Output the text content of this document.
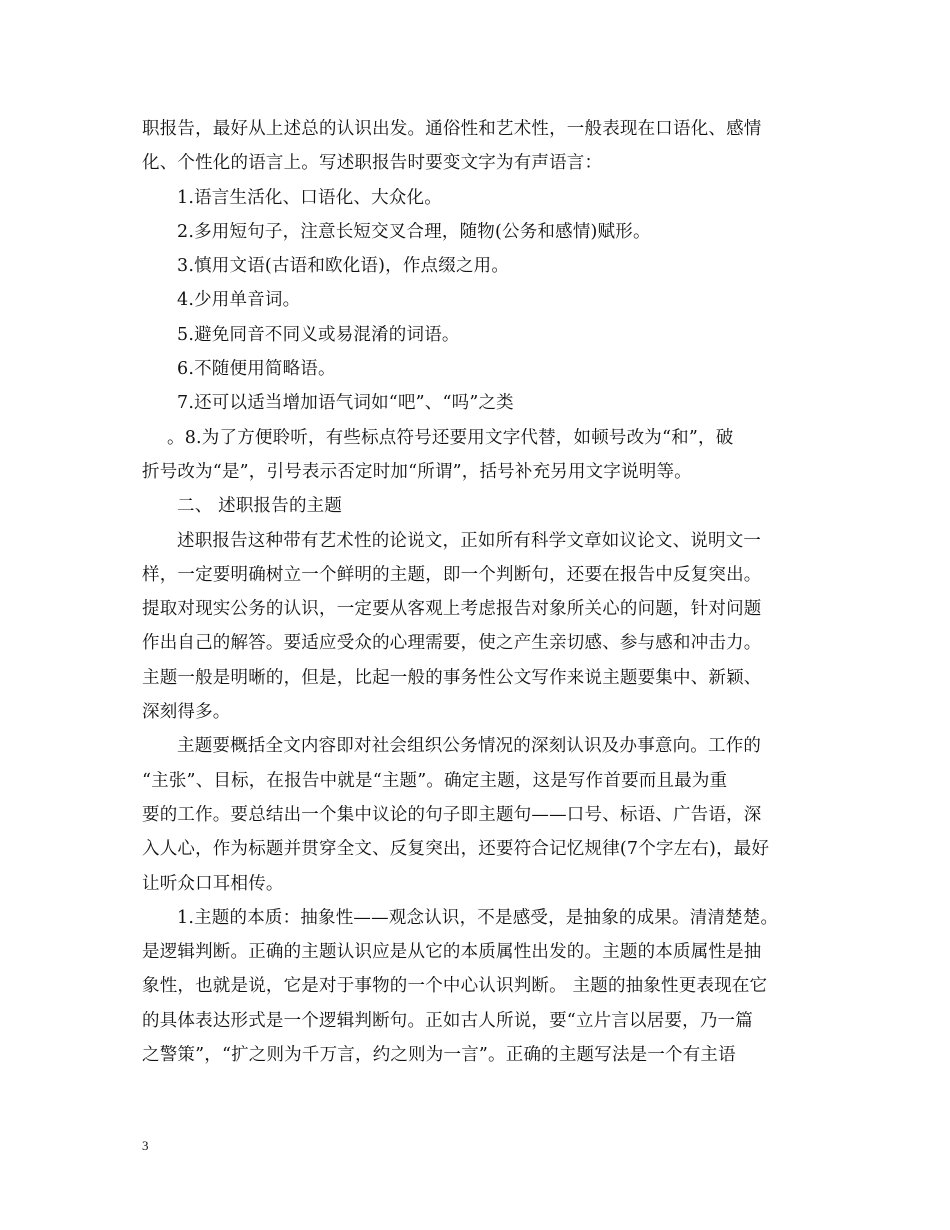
职报告，最好从上述总的认识出发。通俗性和艺术性，一般表现在口语化、感情
化、个性化的语言上。写述职报告时要变文字为有声语言：
1.语言生活化、口语化、大众化。
2.多用短句子，注意长短交叉合理，随物(公务和感情)赋形。
3.慎用文语(古语和欧化语)，作点缀之用。
4.少用单音词。
5.避免同音不同义或易混淆的词语。
6.不随便用简略语。
7.还可以适当增加语气词如“吧”、“吗”之类
。8.为了方便聆听，有些标点符号还要用文字代替，如顿号改为“和”，破
折号改为“是”，引号表示否定时加“所谓”，括号补充另用文字说明等。
二、 述职报告的主题
述职报告这种带有艺术性的论说文，正如所有科学文章如议论文、说明文一
样，一定要明确树立一个鲜明的主题，即一个判断句，还要在报告中反复突出。
提取对现实公务的认识，一定要从客观上考虑报告对象所关心的问题，针对问题
作出自己的解答。要适应受众的心理需要，使之产生亲切感、参与感和冲击力。
主题一般是明晰的，但是，比起一般的事务性公文写作来说主题要集中、新颖、
深刻得多。
主题要概括全文内容即对社会组织公务情况的深刻认识及办事意向。工作的
“主张”、目标，在报告中就是“主题”。确定主题，这是写作首要而且最为重
要的工作。要总结出一个集中议论的句子即主题句——口号、标语、广告语，深
入人心，作为标题并贯穿全文、反复突出，还要符合记忆规律(7个字左右)，最好
让听众口耳相传。
1.主题的本质：抽象性——观念认识，不是感受，是抽象的成果。清清楚楚。
是逻辑判断。正确的主题认识应是从它的本质属性出发的。主题的本质属性是抽
象性，也就是说，它是对于事物的一个中心认识判断。 主题的抽象性更表现在它
的具体表达形式是一个逻辑判断句。正如古人所说，要“立片言以居要，乃一篇
之警策”，“扩之则为千万言，约之则为一言”。正确的主题写法是一个有主语
3
